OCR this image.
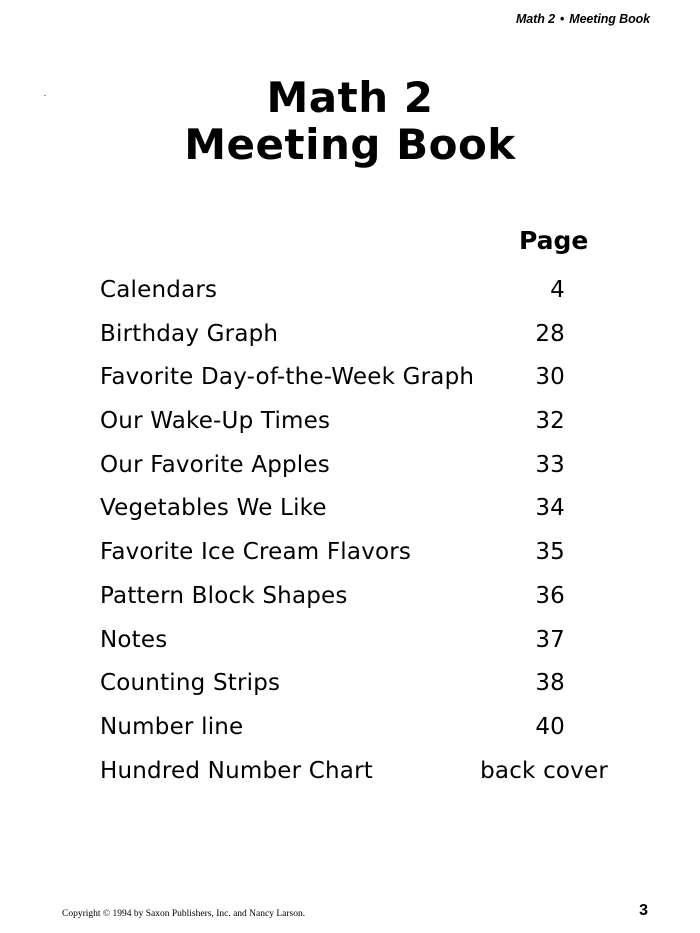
Math 2 • Meeting Book
Math 2
Meeting Book
Page
Calendars	4
Birthday Graph	28
Favorite Day-of-the-Week Graph	30
Our Wake-Up Times	32
Our Favorite Apples	33
Vegetables We Like	34
Favorite Ice Cream Flavors	35
Pattern Block Shapes	36
Notes	37
Counting Strips	38
Number line	40
Hundred Number Chart	back cover
Copyright © 1994 by Saxon Publishers, Inc. and Nancy Larson.	3
